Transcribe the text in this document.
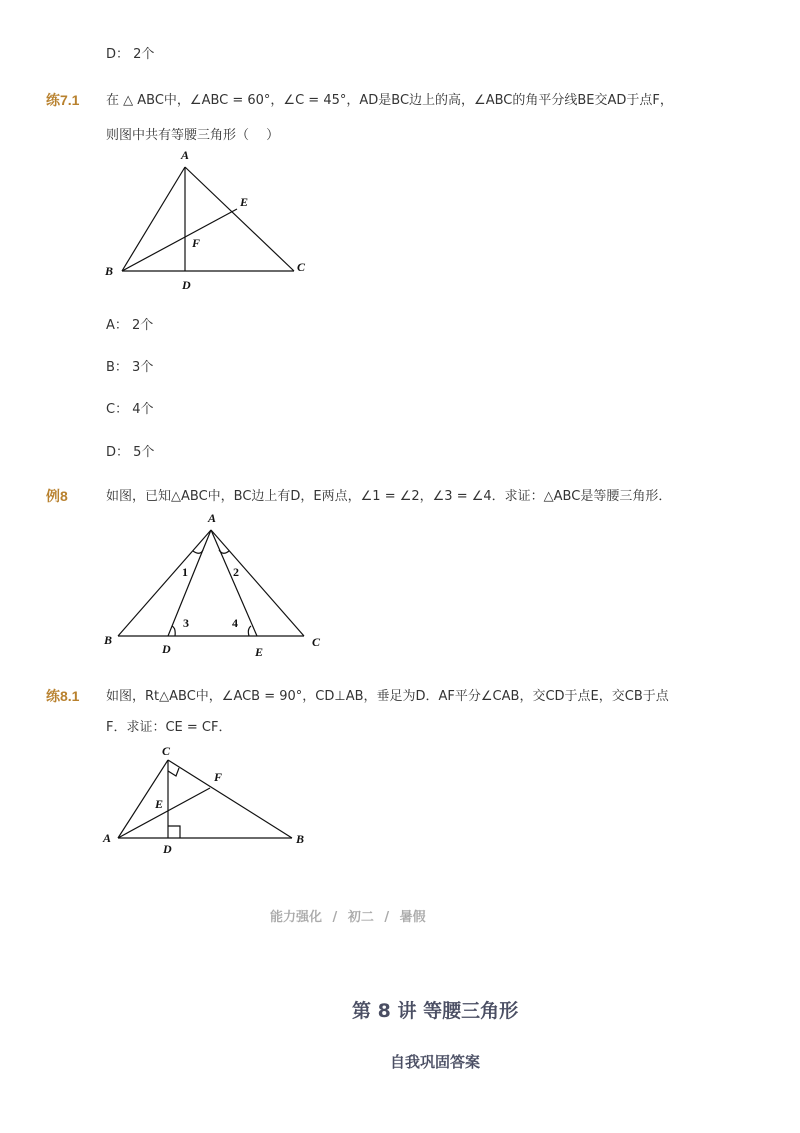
D： 2个
练7.1 在 △ ABC中，∠ABC = 60°，∠C = 45°，AD是BC边上的高，∠ABC的角平分线BE交AD于点F，
则图中共有等腰三角形（　 ）
A
B	C
D
E
F
A： 2个
B： 3个
C： 4个
D： 5个
例8	如图，已知△ABC中，BC边上有D，E两点，∠1 = ∠2，∠3 = ∠4．求证：△ABC是等腰三角形．
A
B	C
D	E
1	2
3	4
练8.1 如图，Rt△ABC中，∠ACB = 90°，CD⊥AB，垂足为D．AF平分∠CAB，交CD于点E，交CB于点
F．求证：CE = CF．
C
F
E
A	B
D
能力强化 / 初二 / 暑假
第 8 讲 等腰三角形
自我巩固答案
